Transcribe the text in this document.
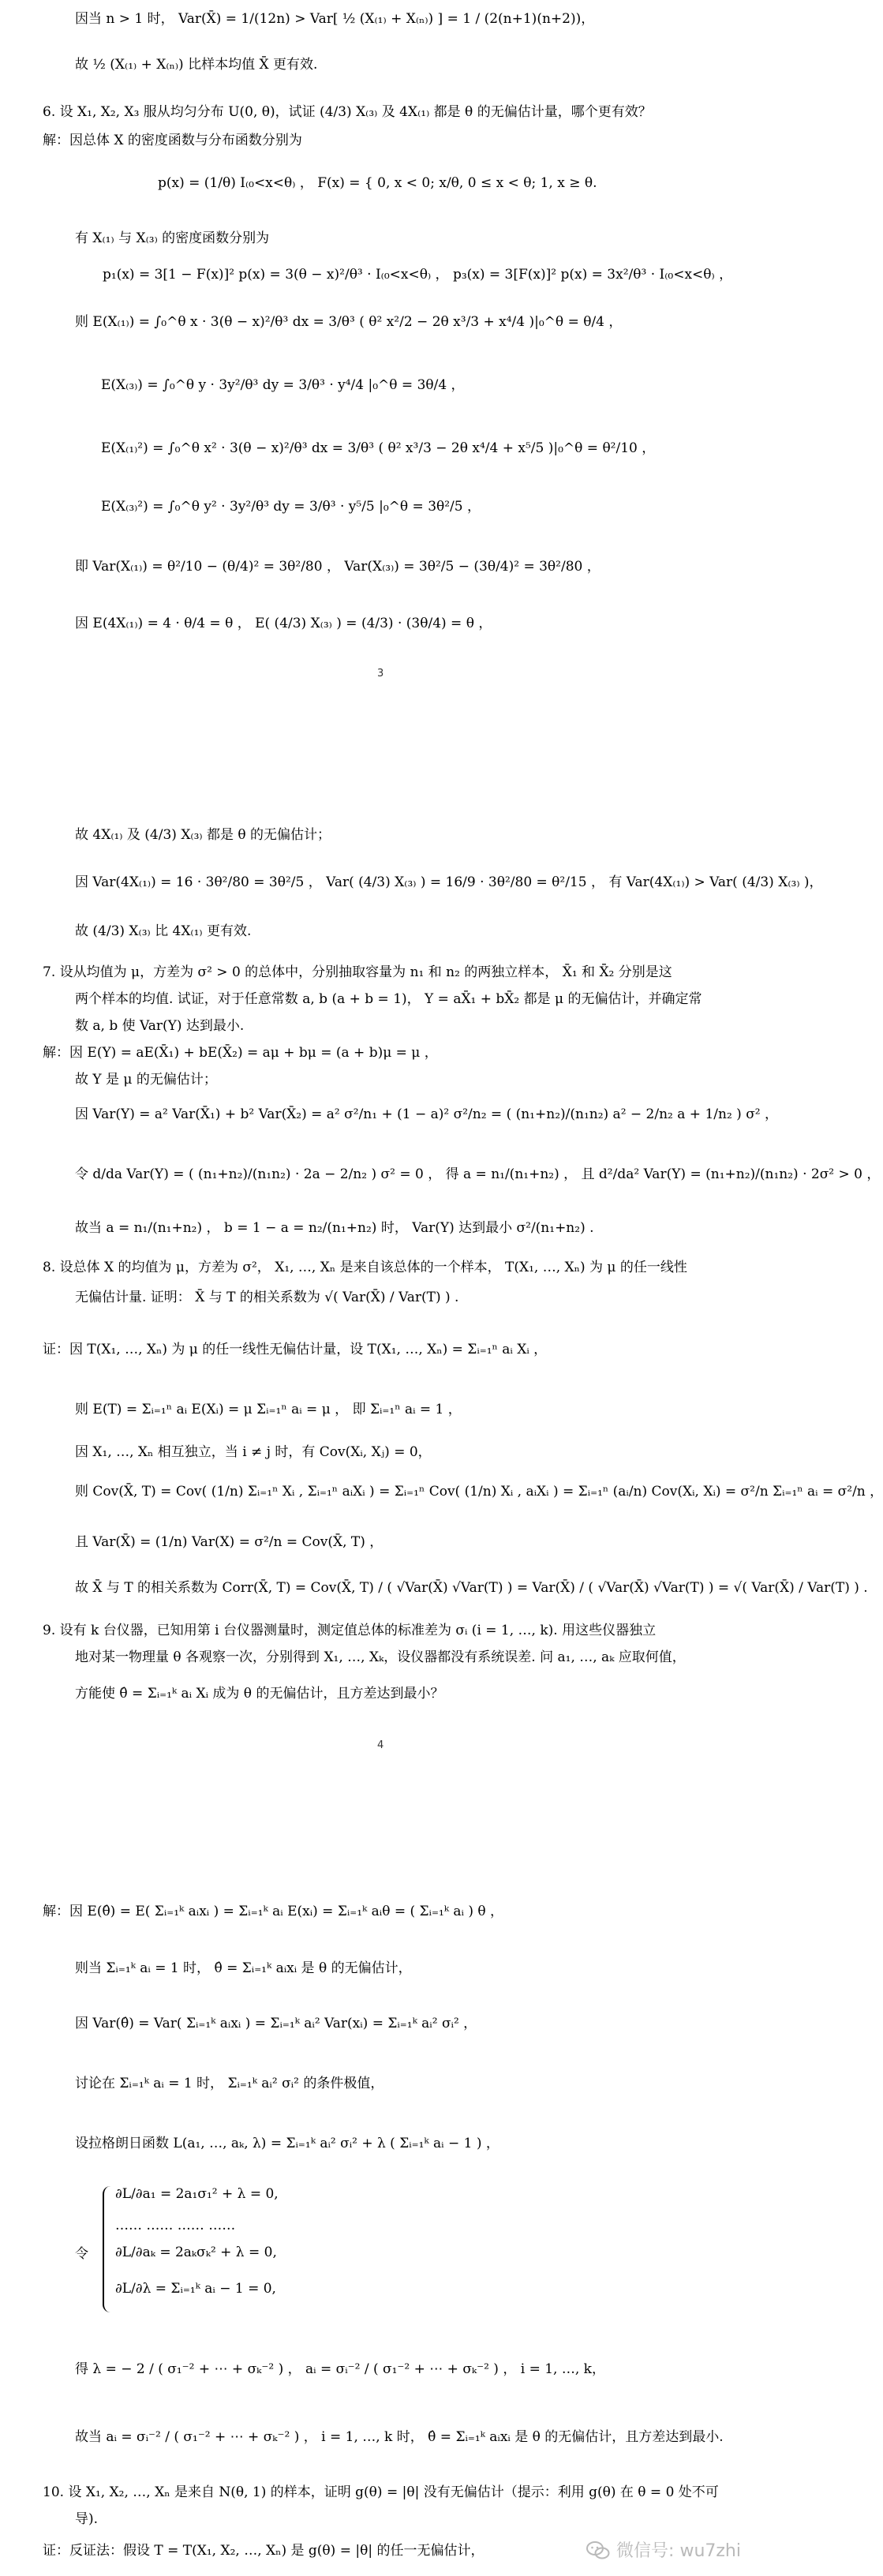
因当 n > 1 时， Var(X̄) = 1/(12n) > Var[ ½ (X₍₁₎ + X₍ₙ₎) ] = 1 / (2(n+1)(n+2))，
故 ½ (X₍₁₎ + X₍ₙ₎) 比样本均值 X̄ 更有效.
6. 设 X₁, X₂, X₃ 服从均匀分布 U(0, θ)，试证 (4/3) X₍₃₎ 及 4X₍₁₎ 都是 θ 的无偏估计量，哪个更有效？
解：因总体 X 的密度函数与分布函数分别为
p(x) = (1/θ) I₍₀<x<θ₎ ， F(x) = { 0, x < 0; x/θ, 0 ≤ x < θ; 1, x ≥ θ.
有 X₍₁₎ 与 X₍₃₎ 的密度函数分别为
p₁(x) = 3[1 − F(x)]² p(x) = 3(θ − x)²/θ³ · I₍₀<x<θ₎ ， p₃(x) = 3[F(x)]² p(x) = 3x²/θ³ · I₍₀<x<θ₎ ，
则 E(X₍₁₎) = ∫₀^θ x · 3(θ − x)²/θ³ dx = 3/θ³ ( θ² x²/2 − 2θ x³/3 + x⁴/4 )|₀^θ = θ/4 ，
E(X₍₃₎) = ∫₀^θ y · 3y²/θ³ dy = 3/θ³ · y⁴/4 |₀^θ = 3θ/4 ，
E(X₍₁₎²) = ∫₀^θ x² · 3(θ − x)²/θ³ dx = 3/θ³ ( θ² x³/3 − 2θ x⁴/4 + x⁵/5 )|₀^θ = θ²/10 ，
E(X₍₃₎²) = ∫₀^θ y² · 3y²/θ³ dy = 3/θ³ · y⁵/5 |₀^θ = 3θ²/5 ，
即 Var(X₍₁₎) = θ²/10 − (θ/4)² = 3θ²/80 ， Var(X₍₃₎) = 3θ²/5 − (3θ/4)² = 3θ²/80 ，
因 E(4X₍₁₎) = 4 · θ/4 = θ ， E( (4/3) X₍₃₎ ) = (4/3) · (3θ/4) = θ ，
3
故 4X₍₁₎ 及 (4/3) X₍₃₎ 都是 θ 的无偏估计；
因 Var(4X₍₁₎) = 16 · 3θ²/80 = 3θ²/5 ， Var( (4/3) X₍₃₎ ) = 16/9 · 3θ²/80 = θ²/15 ， 有 Var(4X₍₁₎) > Var( (4/3) X₍₃₎ )，
故 (4/3) X₍₃₎ 比 4X₍₁₎ 更有效.
7. 设从均值为 μ，方差为 σ² > 0 的总体中，分别抽取容量为 n₁ 和 n₂ 的两独立样本， X̄₁ 和 X̄₂ 分别是这
两个样本的均值. 试证，对于任意常数 a, b (a + b = 1)， Y = aX̄₁ + bX̄₂ 都是 μ 的无偏估计，并确定常
数 a, b 使 Var(Y) 达到最小.
解：因 E(Y) = aE(X̄₁) + bE(X̄₂) = aμ + bμ = (a + b)μ = μ ，
故 Y 是 μ 的无偏估计；
因 Var(Y) = a² Var(X̄₁) + b² Var(X̄₂) = a² σ²/n₁ + (1 − a)² σ²/n₂ = ( (n₁+n₂)/(n₁n₂) a² − 2/n₂ a + 1/n₂ ) σ² ，
令 d/da Var(Y) = ( (n₁+n₂)/(n₁n₂) · 2a − 2/n₂ ) σ² = 0 ， 得 a = n₁/(n₁+n₂) ， 且 d²/da² Var(Y) = (n₁+n₂)/(n₁n₂) · 2σ² > 0 ，
故当 a = n₁/(n₁+n₂) ， b = 1 − a = n₂/(n₁+n₂) 时， Var(Y) 达到最小 σ²/(n₁+n₂) .
8. 设总体 X 的均值为 μ，方差为 σ²， X₁, …, Xₙ 是来自该总体的一个样本， T(X₁, …, Xₙ) 为 μ 的任一线性
无偏估计量. 证明： X̄ 与 T 的相关系数为 √( Var(X̄) / Var(T) ) .
证：因 T(X₁, …, Xₙ) 为 μ 的任一线性无偏估计量，设 T(X₁, …, Xₙ) = Σᵢ₌₁ⁿ aᵢ Xᵢ ，
则 E(T) = Σᵢ₌₁ⁿ aᵢ E(Xᵢ) = μ Σᵢ₌₁ⁿ aᵢ = μ ， 即 Σᵢ₌₁ⁿ aᵢ = 1 ，
因 X₁, …, Xₙ 相互独立，当 i ≠ j 时，有 Cov(Xᵢ, Xⱼ) = 0，
则 Cov(X̄, T) = Cov( (1/n) Σᵢ₌₁ⁿ Xᵢ , Σᵢ₌₁ⁿ aᵢXᵢ ) = Σᵢ₌₁ⁿ Cov( (1/n) Xᵢ , aᵢXᵢ ) = Σᵢ₌₁ⁿ (aᵢ/n) Cov(Xᵢ, Xᵢ) = σ²/n Σᵢ₌₁ⁿ aᵢ = σ²/n ，
且 Var(X̄) = (1/n) Var(X) = σ²/n = Cov(X̄, T) ，
故 X̄ 与 T 的相关系数为 Corr(X̄, T) = Cov(X̄, T) / ( √Var(X̄) √Var(T) ) = Var(X̄) / ( √Var(X̄) √Var(T) ) = √( Var(X̄) / Var(T) ) .
9. 设有 k 台仪器，已知用第 i 台仪器测量时，测定值总体的标准差为 σᵢ (i = 1, …, k). 用这些仪器独立
地对某一物理量 θ 各观察一次，分别得到 X₁, …, Xₖ，设仪器都没有系统误差. 问 a₁, …, aₖ 应取何值，
方能使 θ̂ = Σᵢ₌₁ᵏ aᵢ Xᵢ 成为 θ 的无偏估计，且方差达到最小？
4
解：因 E(θ̂) = E( Σᵢ₌₁ᵏ aᵢxᵢ ) = Σᵢ₌₁ᵏ aᵢ E(xᵢ) = Σᵢ₌₁ᵏ aᵢθ = ( Σᵢ₌₁ᵏ aᵢ ) θ ，
则当 Σᵢ₌₁ᵏ aᵢ = 1 时， θ̂ = Σᵢ₌₁ᵏ aᵢxᵢ 是 θ 的无偏估计，
因 Var(θ̂) = Var( Σᵢ₌₁ᵏ aᵢxᵢ ) = Σᵢ₌₁ᵏ aᵢ² Var(xᵢ) = Σᵢ₌₁ᵏ aᵢ² σᵢ² ，
讨论在 Σᵢ₌₁ᵏ aᵢ = 1 时， Σᵢ₌₁ᵏ aᵢ² σᵢ² 的条件极值，
设拉格朗日函数 L(a₁, …, aₖ, λ) = Σᵢ₌₁ᵏ aᵢ² σᵢ² + λ ( Σᵢ₌₁ᵏ aᵢ − 1 ) ，
令
∂L/∂a₁ = 2a₁σ₁² + λ = 0,
…… …… …… ……
∂L/∂aₖ = 2aₖσₖ² + λ = 0,
∂L/∂λ = Σᵢ₌₁ᵏ aᵢ − 1 = 0,
得 λ = − 2 / ( σ₁⁻² + ⋯ + σₖ⁻² ) ， aᵢ = σᵢ⁻² / ( σ₁⁻² + ⋯ + σₖ⁻² ) ， i = 1, …, k，
故当 aᵢ = σᵢ⁻² / ( σ₁⁻² + ⋯ + σₖ⁻² ) ， i = 1, …, k 时， θ̂ = Σᵢ₌₁ᵏ aᵢxᵢ 是 θ 的无偏估计，且方差达到最小.
10. 设 X₁, X₂, …, Xₙ 是来自 N(θ, 1) 的样本，证明 g(θ) = |θ| 没有无偏估计（提示：利用 g(θ) 在 θ = 0 处不可
导).
证：反证法：假设 T = T(X₁, X₂, …, Xₙ) 是 g(θ) = |θ| 的任一无偏估计，	微信号: wu7zhi
